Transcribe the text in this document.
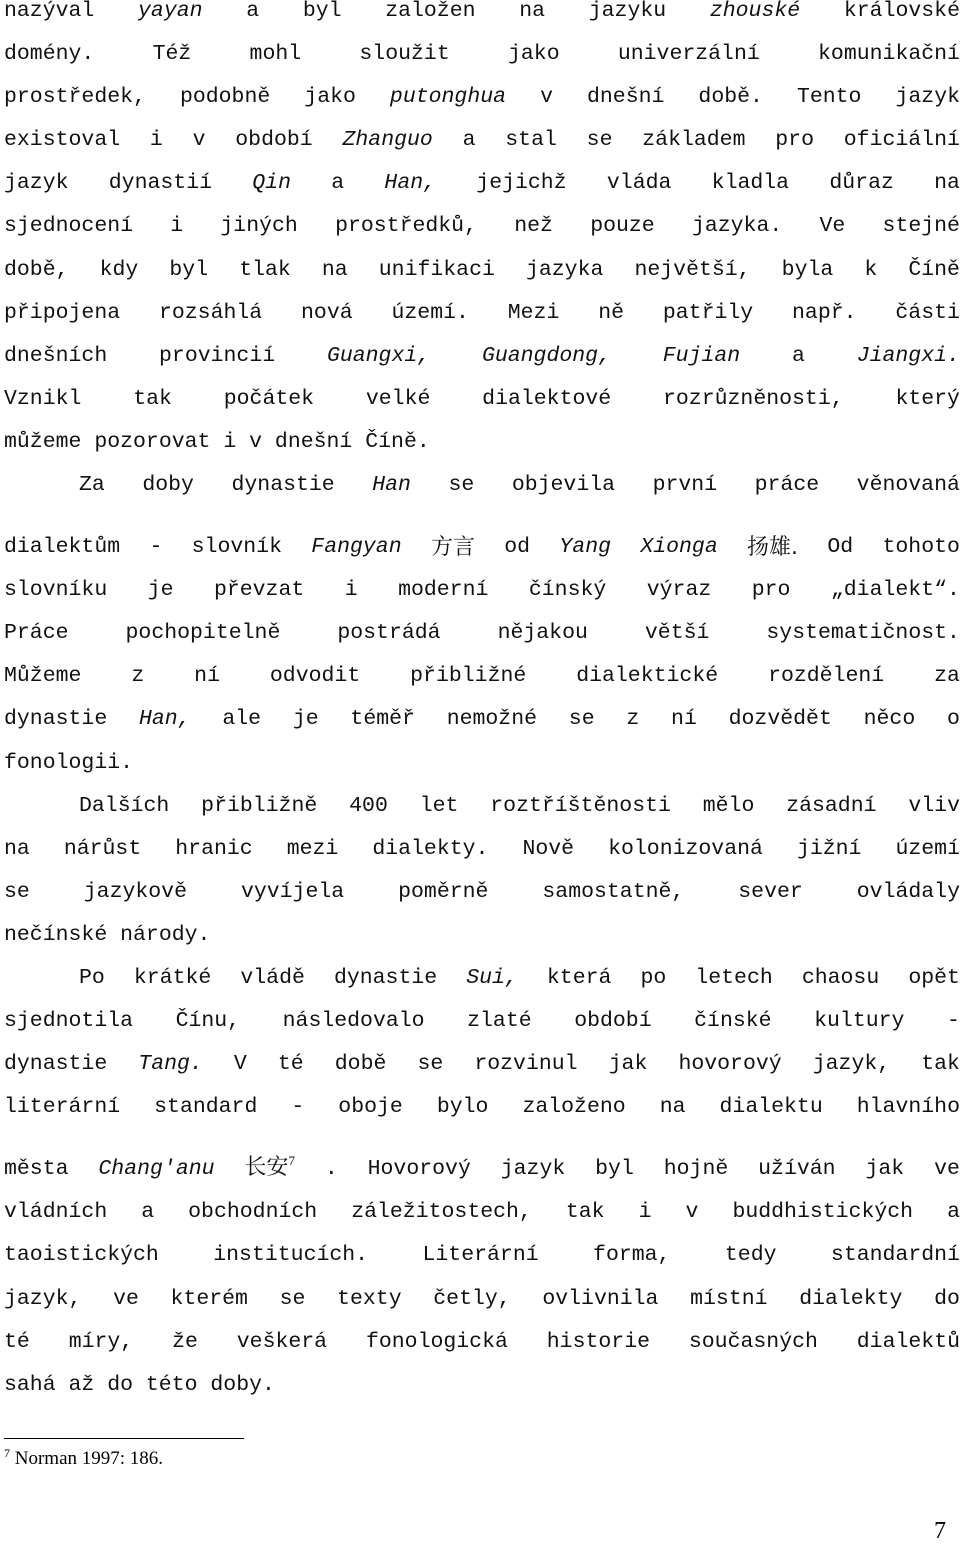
nazýval yayan a byl založen na jazyku zhouské královské
domény.	Též	mohl	sloužit	jako	univerzální	komunikační
prostředek, podobně jako putonghua v dnešní době. Tento jazyk
existoval i v období Zhanguo a stal se základem pro oficiální
jazyk dynastií Qin a Han, jejichž vláda kladla důraz na
sjednocení i jiných prostředků, než pouze jazyka. Ve stejné
době, kdy byl tlak na unifikaci jazyka největší, byla k Číně
připojena rozsáhlá nová území. Mezi ně patřily např. části
dnešních provincií Guangxi, Guangdong, Fujian a Jiangxi.
Vznikl tak počátek velké dialektové rozrůzněnosti, který
můžeme pozorovat i v dnešní Číně.
Za doby dynastie Han se objevila první práce věnovaná
dialektům - slovník Fangyan 方言 od Yang Xionga 扬雄. Od tohoto
slovníku je převzat i moderní čínský výraz pro „dialekt“.
Práce	pochopitelně	postrádá	nějakou	větší	systematičnost.
Můžeme z ní odvodit přibližné dialektické rozdělení za
dynastie Han, ale je téměř nemožné se z ní dozvědět něco o
fonologii.
Dalších přibližně 400 let roztříštěnosti mělo zásadní vliv
na nárůst hranic mezi dialekty. Nově kolonizovaná jižní území
se	jazykově	vyvíjela	poměrně	samostatně,	sever	ovládaly
nečínské národy.
Po krátké vládě dynastie Sui, která po letech chaosu opět
sjednotila Čínu, následovalo zlaté období čínské kultury -
dynastie Tang. V té době se rozvinul jak hovorový jazyk, tak
literární standard - oboje bylo založeno na dialektu hlavního
města Chang'anu 长安$^7$ . Hovorový jazyk byl hojně užíván jak ve
vládních a obchodních záležitostech, tak i v buddhistických a
taoistických	institucích.	Literární	forma,	tedy	standardní
jazyk, ve kterém se texty četly, ovlivnila místní dialekty do
té míry, že veškerá fonologická historie současných dialektů
sahá až do této doby.
$^7$ Norman 1997: 186.
7
